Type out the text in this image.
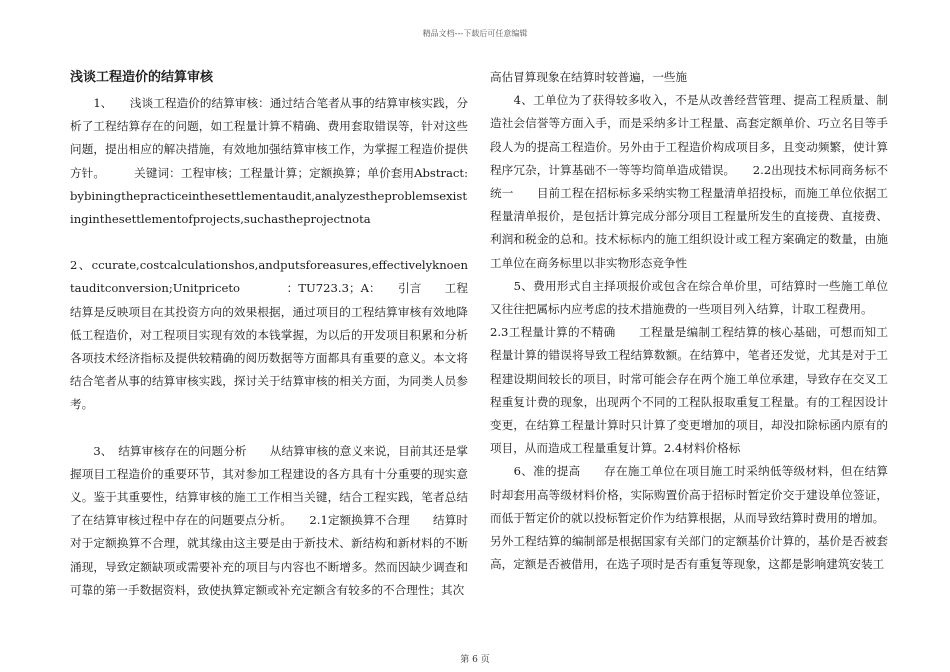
精品文档---下载后可任意编辑
浅谈工程造价的结算审核

　　1、　　浅谈工程造价的结算审核：通过结合笔者从事的结算审核实践，分析了工程结算存在的问题，如工程量计算不精确、费用套取错误等，针对这些问题，提出相应的解决措施，有效地加强结算审核工作，为掌握工程造价提供方针。　　　关键词：工程审核；工程量计算；定额换算；单价套用Abstract:bybiningthepracticeinthesettlementaudit,analyzestheproblemsexistinginthesettlementofprojects,suchastheprojectnota

2、ccurate,costcalculationshos,andputsforeasures,effectivelyknoentauditconversion;Unitpriceto　　　　：TU723.3；A：　　引言　　工程结算是反映项目在其投资方向的效果根据，通过项目的工程结算审核有效地降低工程造价，对工程项目实现有效的本钱掌握，为以后的开发项目积累和分析各项技术经济指标及提供较精确的阅历数据等方面都具有重要的意义。本文将结合笔者从事的结算审核实践，探讨关于结算审核的相关方面，为同类人员参考。

　　3、　结算审核存在的问题分析　　从结算审核的意义来说，目前其还是掌握项目工程造价的重要环节，其对参加工程建设的各方具有十分重要的现实意义。鉴于其重要性，结算审核的施工工作相当关键，结合工程实践，笔者总结了在结算审核过程中存在的问题要点分析。　　2.1定额换算不合理　　结算时对于定额换算不合理，就其缘由这主要是由于新技术、新结构和新材料的不断涌现，导致定额缺项或需要补充的项目与内容也不断增多。然而因缺少调查和可靠的第一手数据资料，致使执算定额或补充定额含有较多的不合理性；其次

高估冒算现象在结算时较普遍，一些施

　　4、工单位为了获得较多收入，不是从改善经营管理、提高工程质量、制造社会信誉等方面入手，而是采纳多计工程量、高套定额单价、巧立名目等手段人为的提高工程造价。另外由于工程造价构成项目多，且变动频繁，使计算程序冗杂，计算基础不一等等均简单造成错误。　　2.2出现技术标同商务标不统一　　目前工程在招标标多采纳实物工程量清单招投标，而施工单位依据工程量清单报价，是包括计算完成分部分项目工程量所发生的直接费、直接费、利润和税金的总和。技术标标内的施工组织设计或工程方案确定的数量，由施工单位在商务标里以非实物形态竞争性

　　5、费用形式自主择项报价或包含在综合单价里，可结算时一些施工单位又往往把属标内应考虑的技术措施费的一些项目列入结算，计取工程费用。

2.3工程量计算的不精确　　工程量是编制工程结算的核心基础，可想而知工程量计算的错误将导致工程结算数额。在结算中，笔者还发觉，尤其是对于工程建设期间较长的项目，时常可能会存在两个施工单位承建，导致存在交叉工程重复计费的现象，出现两个不同的工程队报取重复工程量。有的工程因设计变更，在结算工程量计算时只计算了变更增加的项目，却没扣除标函内原有的项目，从而造成工程量重复计算。2.4材料价格标

　　6、准的提高　　存在施工单位在项目施工时采纳低等级材料，但在结算时却套用高等级材料价格，实际购置价高于招标时暂定价交于建设单位签证，而低于暂定价的就以投标暂定价作为结算根据，从而导致结算时费用的增加。

另外工程结算的编制部是根据国家有关部门的定额基价计算的，基价是否被套高，定额是否被借用，在选子项时是否有重复等现象，这都是影响建筑安装工

第 6 页
